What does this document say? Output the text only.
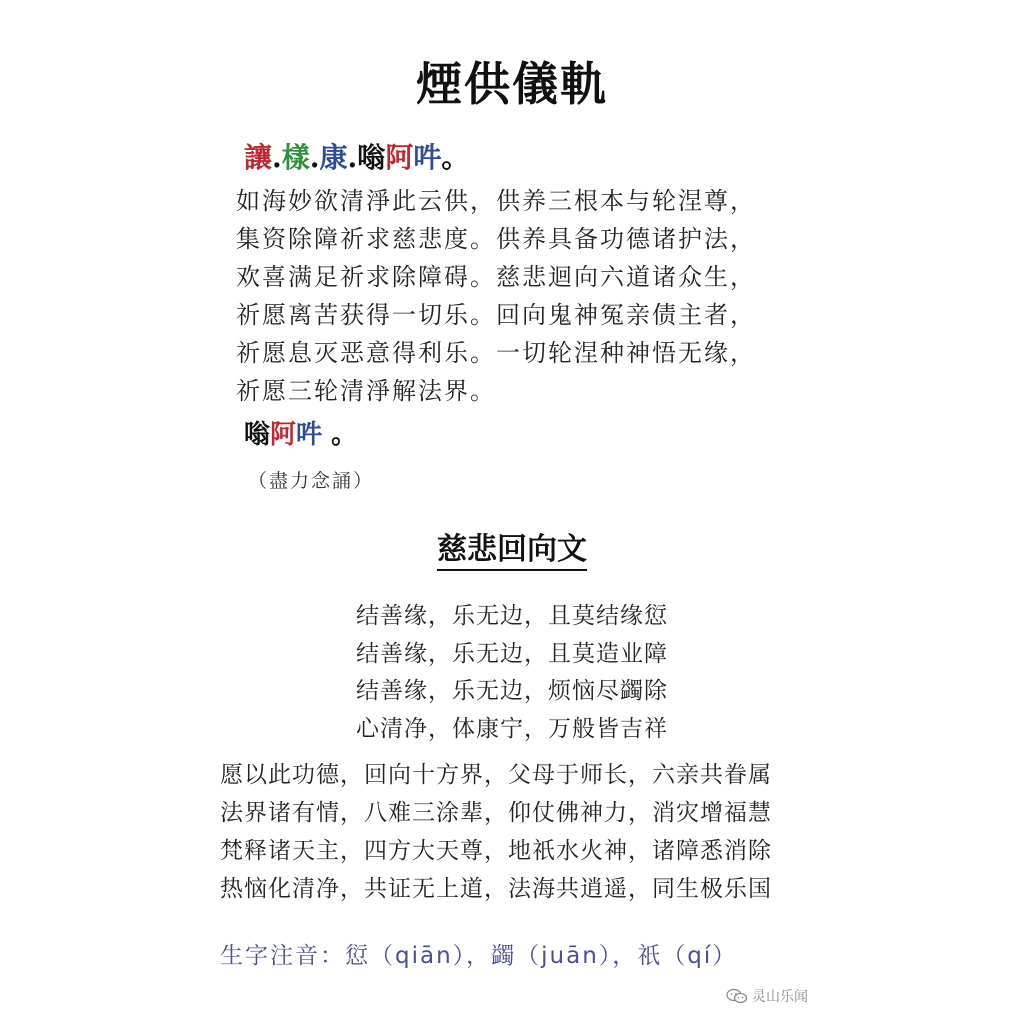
煙供儀軌
讓.樣.康.嗡阿吽。
如海妙欲清淨此云供，供养三根本与轮涅尊，
集资除障祈求慈悲度。供养具备功德诸护法，
欢喜满足祈求除障碍。慈悲迴向六道诸众生，
祈愿离苦获得一切乐。回向鬼神冤亲债主者，
祈愿息灭恶意得利乐。一切轮涅种神悟无缘，
祈愿三轮清淨解法界。
嗡阿吽 。
（盡力念誦）
慈悲回向文
结善缘，乐无边，且莫结缘愆
结善缘，乐无边，且莫造业障
结善缘，乐无边，烦恼尽蠲除
心清净，体康宁，万般皆吉祥
愿以此功德，回向十方界，父母于师长，六亲共眷属
法界诸有情，八难三涂辈，仰仗佛神力，消灾增福慧
梵释诸天主，四方大天尊，地祇水火神，诸障悉消除
热恼化清净，共证无上道，法海共逍遥，同生极乐国
生字注音：愆（qiān），蠲（juān），祇（qí）
灵山乐闻
